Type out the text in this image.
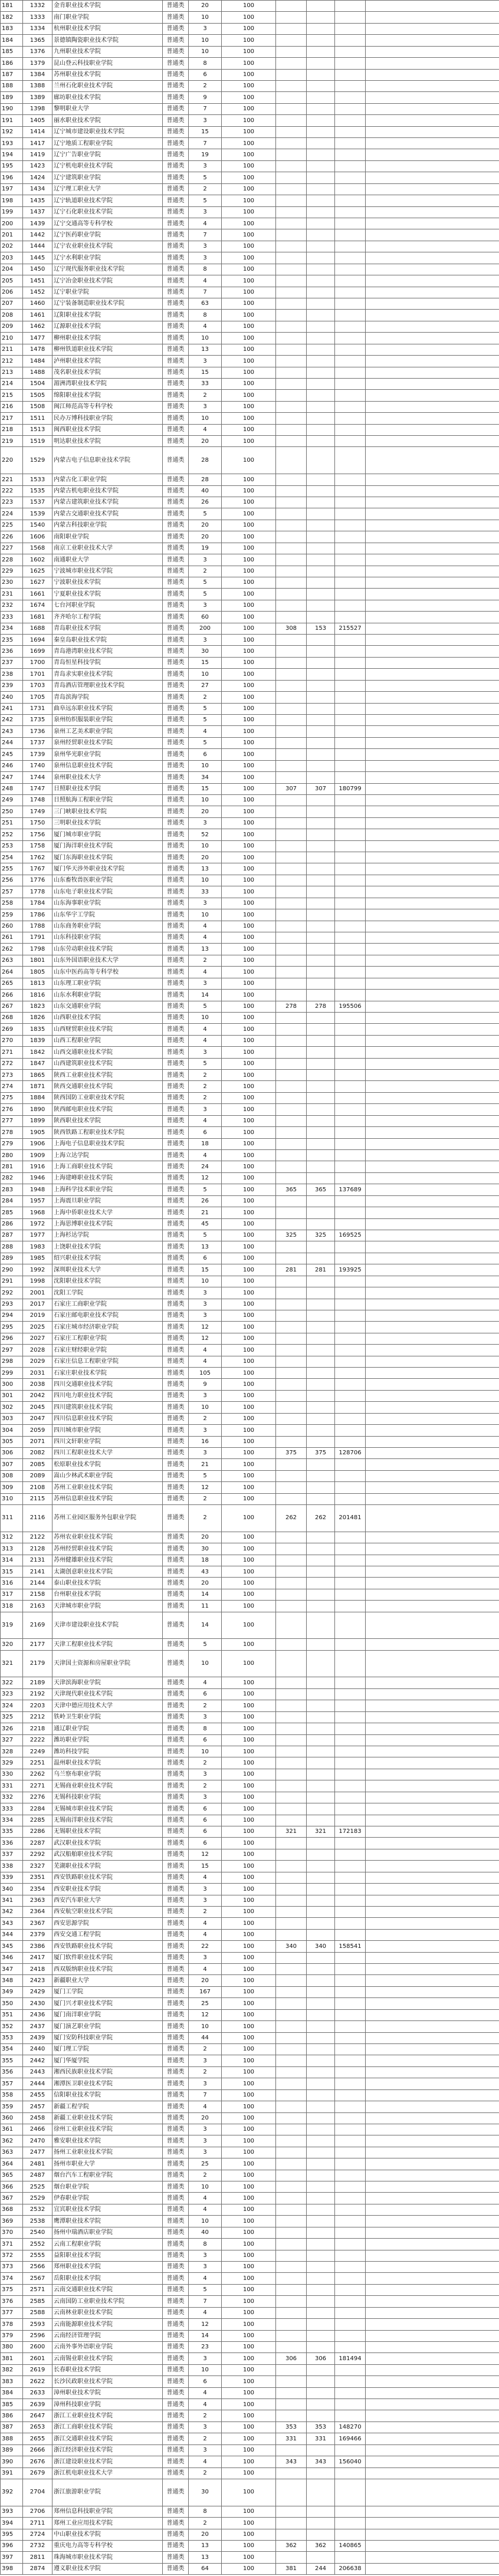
181	1332	金肯职业技术学院	普通类	20	100				
182	1333	南门职业学院	普通类	10	100				
183	1334	杭州职业技术学院	普通类	3	100				
184	1365	景德镇陶瓷职业技术学院	普通类	10	100				
185	1376	九州职业技术学院	普通类	10	100				
186	1379	昆山登云科技职业学院	普通类	8	100				
187	1384	苏州职业技术学院	普通类	6	100				
188	1388	兰州石化职业技术学院	普通类	2	100				
189	1389	廊坊职业技术学院	普通类	9	100				
190	1398	黎明职业大学	普通类	7	100				
191	1405	丽水职业技术学院	普通类	3	100				
192	1414	辽宁城市建设职业技术学院	普通类	15	100				
193	1417	辽宁地质工程职业学院	普通类	7	100				
194	1419	辽宁广告职业学院	普通类	19	100				
195	1423	辽宁机电职业技术学院	普通类	3	100				
196	1424	辽宁建筑职业学院	普通类	5	100				
197	1434	辽宁理工职业大学	普通类	2	100				
198	1435	辽宁轨道职业技术学院	普通类	5	100				
199	1437	辽宁石化职业技术学院	普通类	3	100				
200	1439	辽宁交通高等专科学校	普通类	4	100				
201	1442	辽宁医药职业学院	普通类	7	100				
202	1444	辽宁农业职业技术学院	普通类	3	100				
203	1445	辽宁水利职业学院	普通类	3	100				
204	1450	辽宁现代服务职业技术学院	普通类	8	100				
205	1451	辽宁冶金职业技术学院	普通类	4	100				
206	1452	辽宁职业学院	普通类	7	100				
207	1460	辽宁装备制造职业技术学院	普通类	63	100				
208	1461	辽阳职业技术学院	普通类	8	100				
209	1462	辽源职业技术学院	普通类	4	100				
210	1477	柳州职业技术学院	普通类	10	100				
211	1478	柳州铁道职业技术学院	普通类	13	100				
212	1484	泸州职业技术学院	普通类	3	100				
213	1488	茂名职业技术学院	普通类	15	100				
214	1504	湄洲湾职业技术学院	普通类	33	100				
215	1505	绵阳职业技术学院	普通类	2	100				
216	1508	闽江师范高等专科学校	普通类	3	100				
217	1511	民办万博科技职业学院	普通类	10	100				
218	1513	闽西职业技术学院	普通类	4	100				
219	1519	明达职业技术学院	普通类	20	100				
220	1529	内蒙古电子信息职业技术学院	普通类	28	100				
221	1533	内蒙古化工职业学院	普通类	28	100				
222	1535	内蒙古机电职业技术学院	普通类	40	100				
223	1537	内蒙古建筑职业技术学院	普通类	26	100				
224	1539	内蒙古交通职业技术学院	普通类	5	100				
225	1540	内蒙古科技职业学院	普通类	20	100				
226	1606	南阳职业学院	普通类	20	100				
227	1568	南京工业职业技术大学	普通类	19	100				
228	1602	南通职业大学	普通类	3	100				
229	1625	宁波城市职业技术学院	普通类	2	100				
230	1627	宁波职业技术学院	普通类	5	100				
231	1661	宁夏职业技术学院	普通类	5	100				
232	1674	七台河职业学院	普通类	3	100				
233	1681	齐齐哈尔工程学院	普通类	60	100				
234	1688	青岛职业技术学院	普通类	200	100	308	153	215527	
235	1694	秦皇岛职业技术学院	普通类	3	100				
236	1699	青岛港湾职业技术学院	普通类	30	100				
237	1700	青岛恒星科技学院	普通类	15	100				
238	1701	青岛求实职业技术学院	普通类	10	100				
239	1703	青岛酒店管理职业技术学院	普通类	27	100				
240	1705	青岛滨海学院	普通类	2	100				
241	1731	曲阜远东职业技术学院	普通类	5	100				
242	1735	泉州纺织服装职业学院	普通类	5	100				
243	1736	泉州工艺美术职业学院	普通类	4	100				
244	1737	泉州经贸职业技术学院	普通类	5	100				
245	1739	泉州华光职业学院	普通类	6	100				
246	1740	泉州信息职业技术学院	普通类	10	100				
247	1744	泉州职业技术大学	普通类	34	100				
248	1747	日照职业技术学院	普通类	15	100	307	307	180799	
249	1748	日照航海工程职业学院	普通类	10	100				
250	1749	三门峡职业技术学院	普通类	20	100				
251	1750	三明职业技术学院	普通类	3	100				
252	1756	厦门城市职业学院	普通类	52	100				
253	1758	厦门海洋职业技术学院	普通类	10	100				
254	1762	厦门东海职业技术学院	普通类	20	100				
255	1767	厦门华天涉外职业技术学院	普通类	13	100				
256	1776	山东畜牧兽医职业学院	普通类	10	100				
257	1778	山东电子职业技术学院	普通类	33	100				
258	1784	山东海事职业学院	普通类	3	100				
259	1786	山东华宇工学院	普通类	10	100				
260	1788	山东商务职业学院	普通类	4	100				
261	1791	山东科技职业学院	普通类	4	100				
262	1798	山东劳动职业技术学院	普通类	13	100				
263	1801	山东外国语职业技术大学	普通类	2	100				
264	1805	山东中医药高等专科学校	普通类	4	100				
265	1813	山东理工职业学院	普通类	3	100				
266	1816	山东水利职业学院	普通类	14	100				
267	1823	山东交通职业学院	普通类	5	100	278	278	195506	
268	1826	山西职业技术学院	普通类	10	100				
269	1835	山西财贸职业技术学院	普通类	4	100				
270	1839	山西工程职业学院	普通类	4	100				
271	1842	山西交通职业技术学院	普通类	3	100				
272	1847	山西建筑职业技术学院	普通类	5	100				
273	1865	陕西工业职业技术学院	普通类	2	100				
274	1871	陕西交通职业技术学院	普通类	2	100				
275	1884	陕西国防工业职业技术学院	普通类	2	100				
276	1890	陕西邮电职业技术学院	普通类	3	100				
277	1899	陕西职业技术学院	普通类	4	100				
278	1905	陕西铁路工程职业技术学院	普通类	6	100				
279	1906	上海电子信息职业技术学院	普通类	18	100				
280	1909	上海立达学院	普通类	4	100				
281	1916	上海工商职业技术学院	普通类	24	100				
282	1946	上海建峰职业技术学院	普通类	12	100				
283	1948	上海科学技术职业学院	普通类	5	100	365	365	137689	
284	1957	上海震旦职业学院	普通类	26	100				
285	1968	上海中侨职业技术大学	普通类	21	100				
286	1972	上海思博职业技术学院	普通类	45	100				
287	1977	上海杉达学院	普通类	5	100	325	325	169525	
288	1983	上饶职业技术学院	普通类	13	100				
289	1985	绍兴职业技术学院	普通类	6	100				
290	1992	深圳职业技术大学	普通类	15	100	281	281	193925	
291	1998	沈阳职业技术学院	普通类	10	100				
292	2001	沈阳工学院	普通类	3	100				
293	2017	石家庄工商职业学院	普通类	3	100				
294	2019	石家庄邮电职业技术学院	普通类	3	100				
295	2025	石家庄城市经济职业学院	普通类	12	100				
296	2027	石家庄工程职业学院	普通类	12	100				
297	2028	石家庄财经职业学院	普通类	4	100				
298	2029	石家庄信息工程职业学院	普通类	4	100				
299	2031	石家庄职业技术学院	普通类	105	100				
300	2038	四川交通职业技术学院	普通类	9	100				
301	2042	四川电力职业技术学院	普通类	3	100				
302	2045	四川建筑职业技术学院	普通类	10	100				
303	2047	四川信息职业技术学院	普通类	2	100				
304	2059	四川城市职业学院	普通类	3	100				
305	2071	四川文轩职业学院	普通类	16	100				
306	2082	四川工程职业技术大学	普通类	3	100	375	375	128706	
307	2085	松原职业技术学院	普通类	21	100				
308	2089	嵩山少林武术职业学院	普通类	5	100				
309	2108	苏州工业职业技术学院	普通类	12	100				
310	2115	苏州信息职业技术学院	普通类	2	100				
311	2116	苏州工业园区服务外包职业学院	普通类	2	100	262	262	201481	
312	2122	苏州农业职业技术学院	普通类	20	100				
313	2128	苏州经贸职业技术学院	普通类	30	100				
314	2131	苏州健雄职业技术学院	普通类	18	100				
315	2141	太湖创意职业技术学院	普通类	43	100				
316	2144	泰山职业技术学院	普通类	20	100				
317	2158	台州职业技术学院	普通类	14	100				
318	2163	天津城市职业学院	普通类	11	100				
319	2169	天津市建设职业技术学院	普通类	14	100				
320	2177	天津工程职业技术学院	普通类	5	100				
321	2179	天津国土资源和房屋职业学院	普通类	10	100				
322	2189	天津滨海职业学院	普通类	4	100				
323	2192	天津现代职业技术学院	普通类	6	100				
324	2203	天津中德应用技术大学	普通类	2	100				
325	2212	铁岭卫生职业学院	普通类	3	100				
326	2218	通辽职业学院	普通类	8	100				
327	2222	潍坊职业学院	普通类	6	100				
328	2249	潍坊科技学院	普通类	10	100				
329	2251	温州职业技术学院	普通类	2	100				
330	2262	乌兰察布职业学院	普通类	3	100				
331	2271	无锡商业职业技术学院	普通类	2	100				
332	2276	无锡科技职业学院	普通类	3	100				
333	2284	无锡城市职业技术学院	普通类	6	100				
334	2285	无锡南洋职业技术学院	普通类	6	100				
335	2286	无锡职业技术学院	普通类	6	100	321	321	172183	
336	2287	武汉职业技术学院	普通类	6	100				
337	2292	武汉船舶职业技术学院	普通类	12	100				
338	2327	芜湖职业技术学院	普通类	15	100				
339	2351	西安铁路职业技术学院	普通类	4	100				
340	2354	西安职业技术学院	普通类	3	100				
341	2363	西安汽车职业大学	普通类	3	100				
342	2364	西安航空职业技术学院	普通类	2	100				
343	2367	西安思源学院	普通类	4	100				
344	2379	西安交通工程学院	普通类	4	100				
345	2386	西安铁路职业技术学院	普通类	22	100	340	340	158541	
346	2417	厦门软件职业技术学院	普通类	3	100				
347	2418	西双版纳职业技术学院	普通类	4	100				
348	2423	新疆职业大学	普通类	20	100				
349	2429	厦门工学院	普通类	167	100				
350	2430	厦门兴才职业技术学院	普通类	25	100				
351	2436	厦门南洋职业学院	普通类	12	100				
352	2437	厦门演艺职业学院	普通类	10	100				
353	2439	厦门安防科技职业学院	普通类	44	100				
354	2440	厦门理工学院	普通类	2	100				
355	2442	厦门华厦学院	普通类	3	100				
356	2443	湘西民族职业技术学院	普通类	2	100				
357	2444	湘潭医卫职业技术学院	普通类	3	100				
358	2455	信阳职业技术学院	普通类	7	100				
359	2457	新疆工程学院	普通类	4	100				
360	2458	新疆工业职业技术学院	普通类	20	100				
361	2466	徐州工业职业技术学院	普通类	3	100				
362	2470	雅安职业技术学院	普通类	3	100				
363	2477	扬州工业职业技术学院	普通类	3	100				
364	2481	扬州市职业大学	普通类	25	100				
365	2487	烟台汽车工程职业学院	普通类	2	100				
366	2525	烟台职业学院	普通类	10	100				
367	2529	伊春职业学院	普通类	4	100				
368	2532	宜宾职业技术学院	普通类	4	100				
369	2538	鹰潭职业技术学院	普通类	10	100				
370	2540	扬州中瑞酒店职业学院	普通类	40	100				
371	2552	云南工程职业学院	普通类	8	100				
372	2555	益阳职业技术学院	普通类	3	100				
373	2566	郑州职业技术学院	普通类	3	100				
374	2567	岳阳职业技术学院	普通类	4	100				
375	2571	云南交通职业技术学院	普通类	5	100				
376	2585	云南国防工业职业技术学院	普通类	7	100				
377	2588	云南林业职业技术学院	普通类	4	100				
378	2593	云南能源职业技术学院	普通类	12	100				
379	2596	云南经济管理学院	普通类	14	100				
380	2600	云南外事外语职业学院	普通类	23	100				
381	2601	云南锡业职业技术学院	普通类	3	100	306	306	181494	
382	2619	长春职业技术学院	普通类	10	100				
383	2622	长沙民政职业技术学院	普通类	6	100				
384	2633	漳州职业技术学院	普通类	4	100				
385	2639	漳州科技职业学院	普通类	4	100				
386	2647	浙江工业职业技术学院	普通类	2	100				
387	2653	浙江工商职业技术学院	普通类	3	100	353	353	148270	
388	2655	浙江交通职业技术学院	普通类	2	100	331	331	169466	
389	2666	浙江经济职业技术学院	普通类	3	100				
390	2676	浙江建设职业技术学院	普通类	4	100	343	343	156040	
391	2679	浙江机电职业技术大学	普通类	2	100				
392	2704	浙江旅游职业学院	普通类	30	100				
393	2706	郑州信息科技职业学院	普通类	8	100				
394	2711	郑州工业应用技术学院	普通类	2	100				
395	2724	中山职业技术学院	普通类	20	100				
396	2732	重庆电力高等专科学校	普通类	13	100	362	362	140865	
397	2811	珠海城市职业技术学院	普通类	13	100				
398	2874	遵义职业技术学院	普通类	64	100	381	244	206638	
